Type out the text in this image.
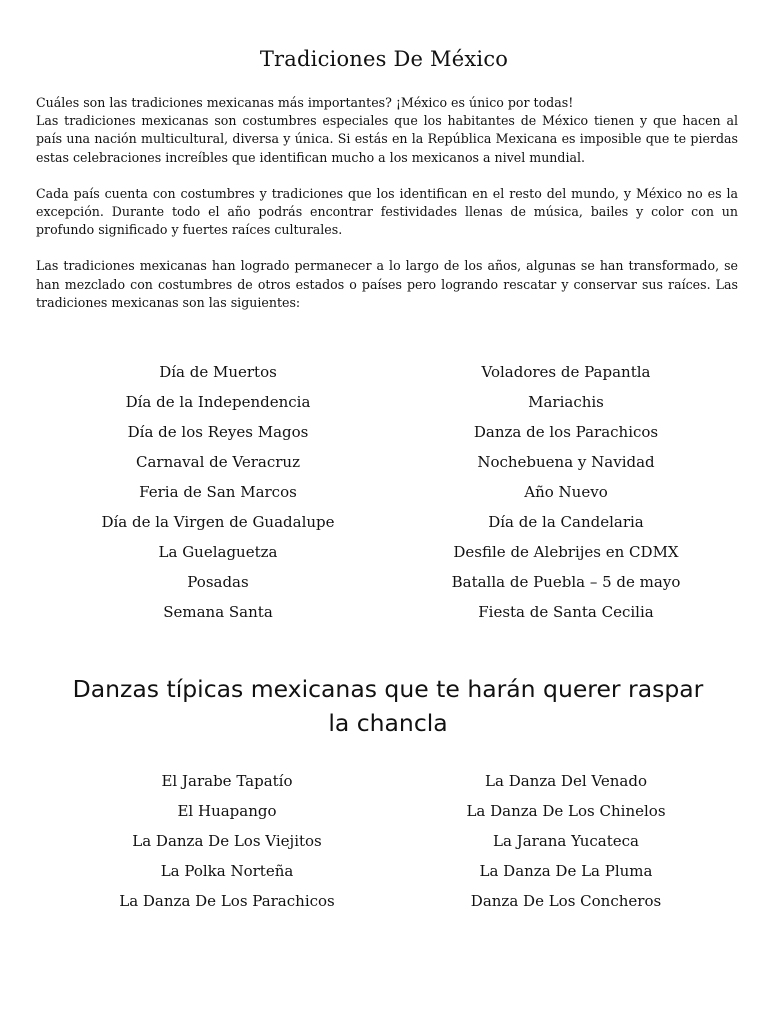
Tradiciones De México

Cuáles son las tradiciones mexicanas más importantes? ¡México es único por todas!
Las tradiciones mexicanas son costumbres especiales que los habitantes de México tienen y que hacen al país una nación multicultural, diversa y única. Si estás en la República Mexicana es imposible que te pierdas estas celebraciones increíbles que identifican mucho a los mexicanos a nivel mundial.

Cada país cuenta con costumbres y tradiciones que los identifican en el resto del mundo, y México no es la excepción. Durante todo el año podrás encontrar festividades llenas de música, bailes y color con un profundo significado y fuertes raíces culturales.

Las tradiciones mexicanas han logrado permanecer a lo largo de los años, algunas se han transformado, se han mezclado con costumbres de otros estados o países pero logrando rescatar y conservar sus raíces. Las tradiciones mexicanas son las siguientes:

Día de Muertos
Día de la Independencia
Día de los Reyes Magos
Carnaval de Veracruz
Feria de San Marcos
Día de la Virgen de Guadalupe
La Guelaguetza
Posadas
Semana Santa
Voladores de Papantla
Mariachis
Danza de los Parachicos
Nochebuena y Navidad
Año Nuevo
Día de la Candelaria
Desfile de Alebrijes en CDMX
Batalla de Puebla – 5 de mayo
Fiesta de Santa Cecilia
Danzas típicas mexicanas que te harán querer raspar la chancla
El Jarabe Tapatío
El Huapango
La Danza De Los Viejitos
La Polka Norteña
La Danza De Los Parachicos
La Danza Del Venado
La Danza De Los Chinelos
La Jarana Yucateca
La Danza De La Pluma
Danza De Los Concheros
